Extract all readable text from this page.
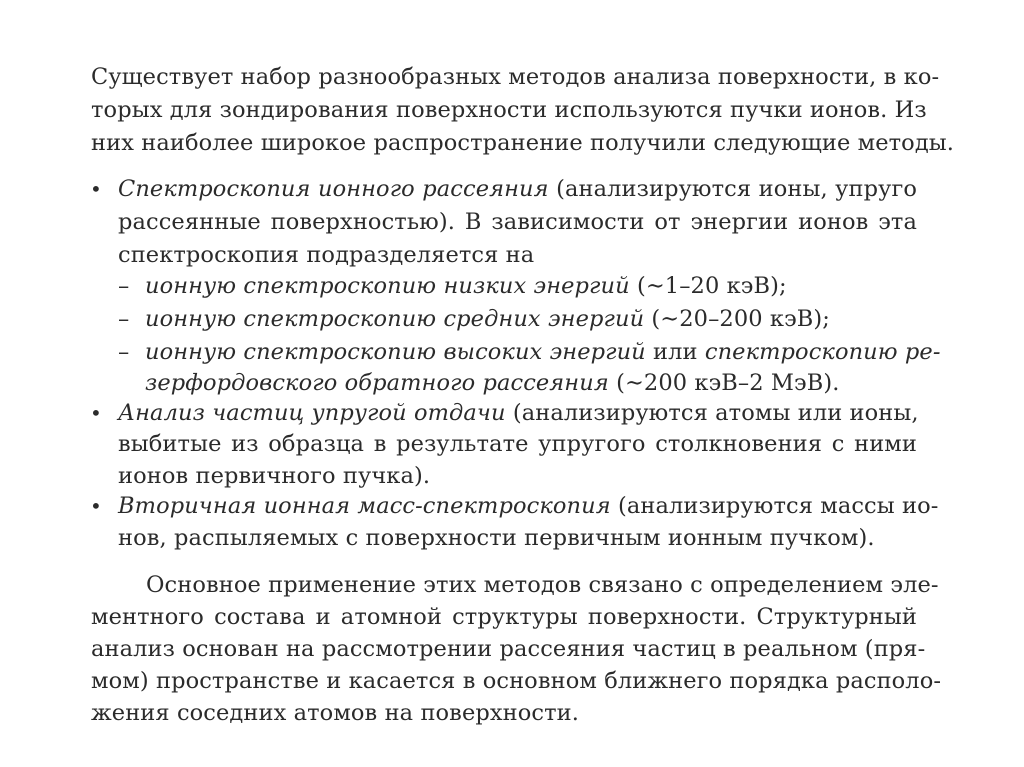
Существует набор разнообразных методов анализа поверхности, в ко-
торых для зондирования поверхности используются пучки ионов. Из
них наиболее широкое распространение получили следующие методы.
• Спектроскопия ионного рассеяния (анализируются ионы, упруго
рассеянные поверхностью). В зависимости от энергии ионов эта
спектроскопия подразделяется на
– ионную спектроскопию низких энергий (∼1–20 кэВ);
– ионную спектроскопию средних энергий (∼20–200 кэВ);
– ионную спектроскопию высоких энергий или спектроскопию ре-
зерфордовского обратного рассеяния (∼200 кэВ–2 МэВ).
• Анализ частиц упругой отдачи (анализируются атомы или ионы,
выбитые из образца в результате упругого столкновения с ними
ионов первичного пучка).
• Вторичная ионная масс-спектроскопия (анализируются массы ио-
нов, распыляемых с поверхности первичным ионным пучком).
Основное применение этих методов связано с определением эле-
ментного состава и атомной структуры поверхности. Структурный
анализ основан на рассмотрении рассеяния частиц в реальном (пря-
мом) пространстве и касается в основном ближнего порядка располо-
жения соседних атомов на поверхности.
